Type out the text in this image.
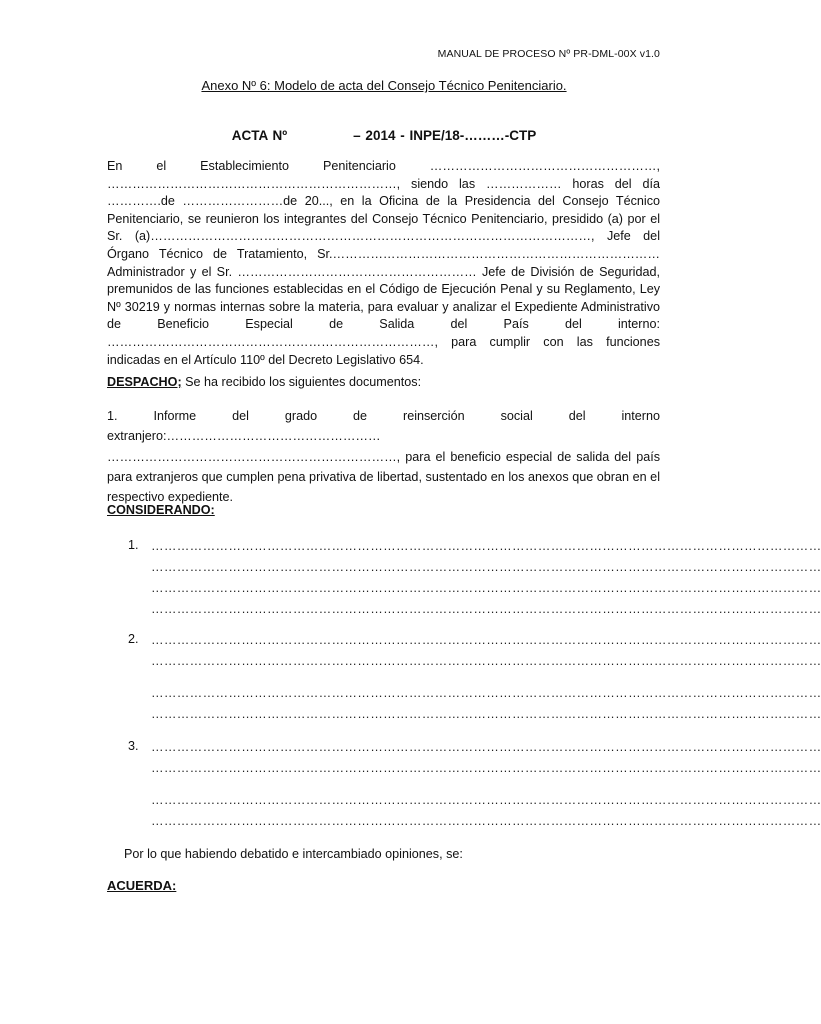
MANUAL DE PROCESO Nº PR-DML-00X v1.0
Anexo Nº 6: Modelo de acta del Consejo Técnico Penitenciario.
ACTA Nº	– 2014 - INPE/18-………-CTP

En el Establecimiento Penitenciario ………………………………………………, ……………………………………………………………, siendo las ……………… horas del día ………….de ……………………de 20..., en la Oficina de la Presidencia del Consejo Técnico Penitenciario, se reunieron los integrantes del Consejo Técnico Penitenciario, presidido (a) por el Sr. (a)……………………………………………………………………………………………, Jefe del Órgano Técnico de Tratamiento, Sr.…………………………………………………………………… Administrador y el Sr. ………………………………………………… Jefe de División de Seguridad, premunidos de las funciones establecidas en el Código de Ejecución Penal y su Reglamento, Ley Nº 30219 y normas internas sobre la materia, para evaluar y analizar el Expediente Administrativo de Beneficio Especial de Salida del País del interno: ……………………………………………………………………, para cumplir con las funciones indicadas en el Artículo 110º del Decreto Legislativo 654.

DESPACHO; Se ha recibido los siguientes documentos:

1. Informe del grado de reinserción social del interno extranjero:…………………………………………… ……………………………………………………………, para el beneficio especial de salida del país para extranjeros que cumplen pena privativa de libertad, sustentado en los anexos que obran en el respectivo expediente.

CONSIDERANDO:
1. …………………………………………………………………………………………………………………………………………
…………………………………………………………………………………………………………………………………………
…………………………………………………………………………………………………………………………………………
…………………………………………………………………………………………………………………………………………
2. …………………………………………………………………………………………………………………………………………
…………………………………………………………………………………………………………………………………………
…………………………………………………………………………………………………………………………………………
…………………………………………………………………………………………………………………………………………
3. …………………………………………………………………………………………………………………………………………
…………………………………………………………………………………………………………………………………………
…………………………………………………………………………………………………………………………………………
…………………………………………………………………………………………………………………………………………
Por lo que habiendo debatido e intercambiado opiniones, se:
ACUERDA:
